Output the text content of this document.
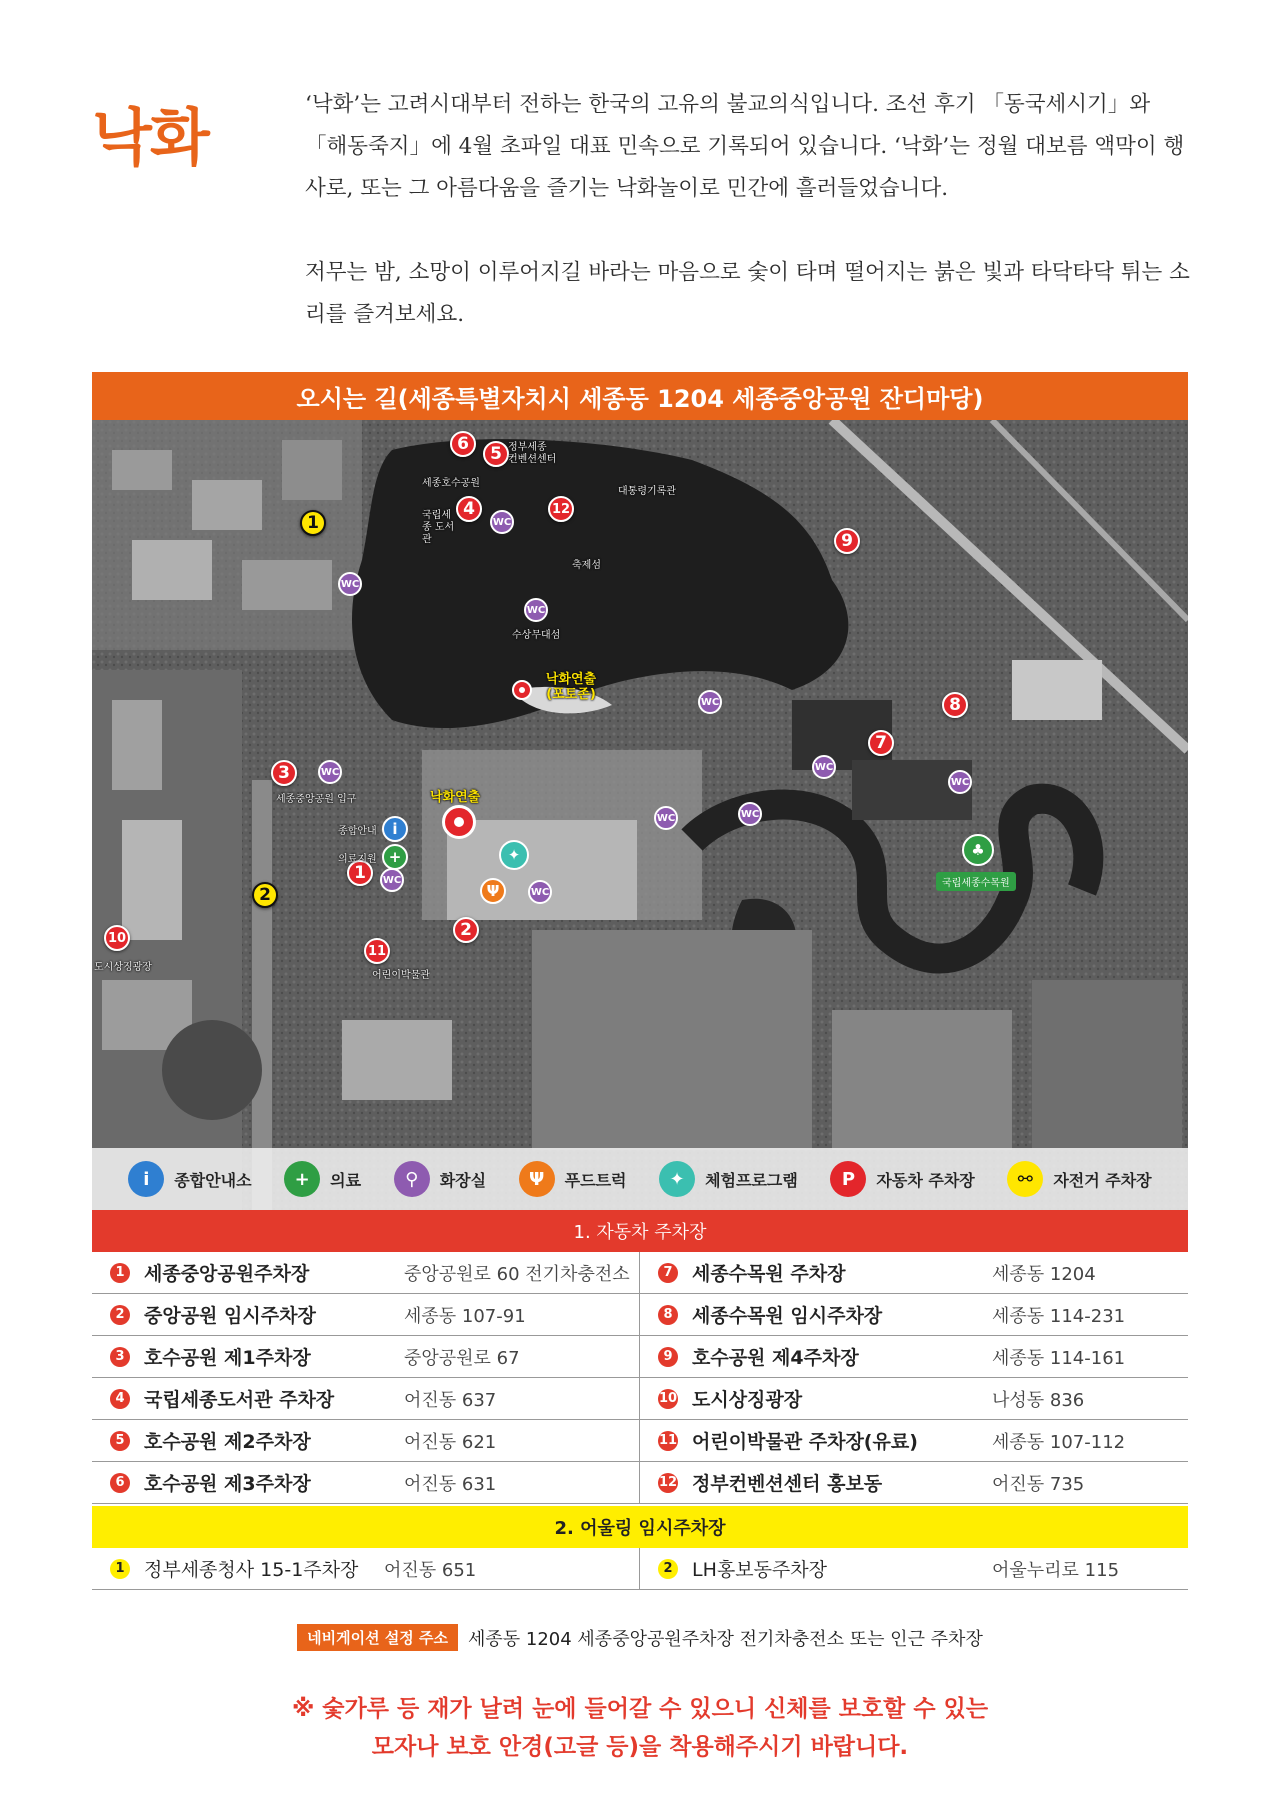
낙화	‘낙화’는 고려시대부터 전하는 한국의 고유의 불교의식입니다. 조선 후기 「동국세시기」와 「해동죽지」에 4월 초파일 대표 민속으로 기록되어 있습니다. ‘낙화’는 정월 대보름 액막이 행사로, 또는 그 아름다움을 즐기는 낙화놀이로 민간에 흘러들었습니다.

저무는 밤, 소망이 이루어지길 바라는 마음으로 숯이 타며 떨어지는 붉은 빛과 타닥타닥 튀는 소리를 즐겨보세요.

오시는 길(세종특별자치시 세종동 1204 세종중앙공원 잔디마당)
6	5
4	12
9
8
7
3
1
2
10
11
1
2
WC
WC
WC
WC
WC	WC
WC
WC	WC
WC
WC
i
+	✦
Ψ
♣
정부세종 컨벤션센터
세종호수공원
국립세종 도서관
대통령기록관
축제섬
수상무대섬
낙화연출 (포토존)
낙화연출
세종중앙공원 입구
종합안내
의료지원
도시상징광장
어린이박물관
국립세종수목원
i	종합안내소	+	의료	⚲	화장실	Ψ	푸드트럭	✦	체험프로그램	P	자동차 주차장	⚯	자전거 주차장
1. 자동차 주차장
1 세종중앙공원주차장	중앙공원로 60 전기차충전소	7 세종수목원 주차장	세종동 1204
2 중앙공원 임시주차장	세종동 107-91	8 세종수목원 임시주차장	세종동 114-231
3 호수공원 제1주차장	중앙공원로 67	9 호수공원 제4주차장	세종동 114-161
4 국립세종도서관 주차장	어진동 637	10 도시상징광장	나성동 836
5 호수공원 제2주차장	어진동 621	11 어린이박물관 주차장(유료)	세종동 107-112
6 호수공원 제3주차장	어진동 631	12 정부컨벤션센터 홍보동	어진동 735
2. 어울링 임시주차장
1 정부세종청사 15-1주차장	어진동 651	2 LH홍보동주차장	어울누리로 115
네비게이션 설정 주소	세종동 1204 세종중앙공원주차장 전기차충전소 또는 인근 주차장
※ 숯가루 등 재가 날려 눈에 들어갈 수 있으니 신체를 보호할 수 있는
모자나 보호 안경(고글 등)을 착용해주시기 바랍니다.
